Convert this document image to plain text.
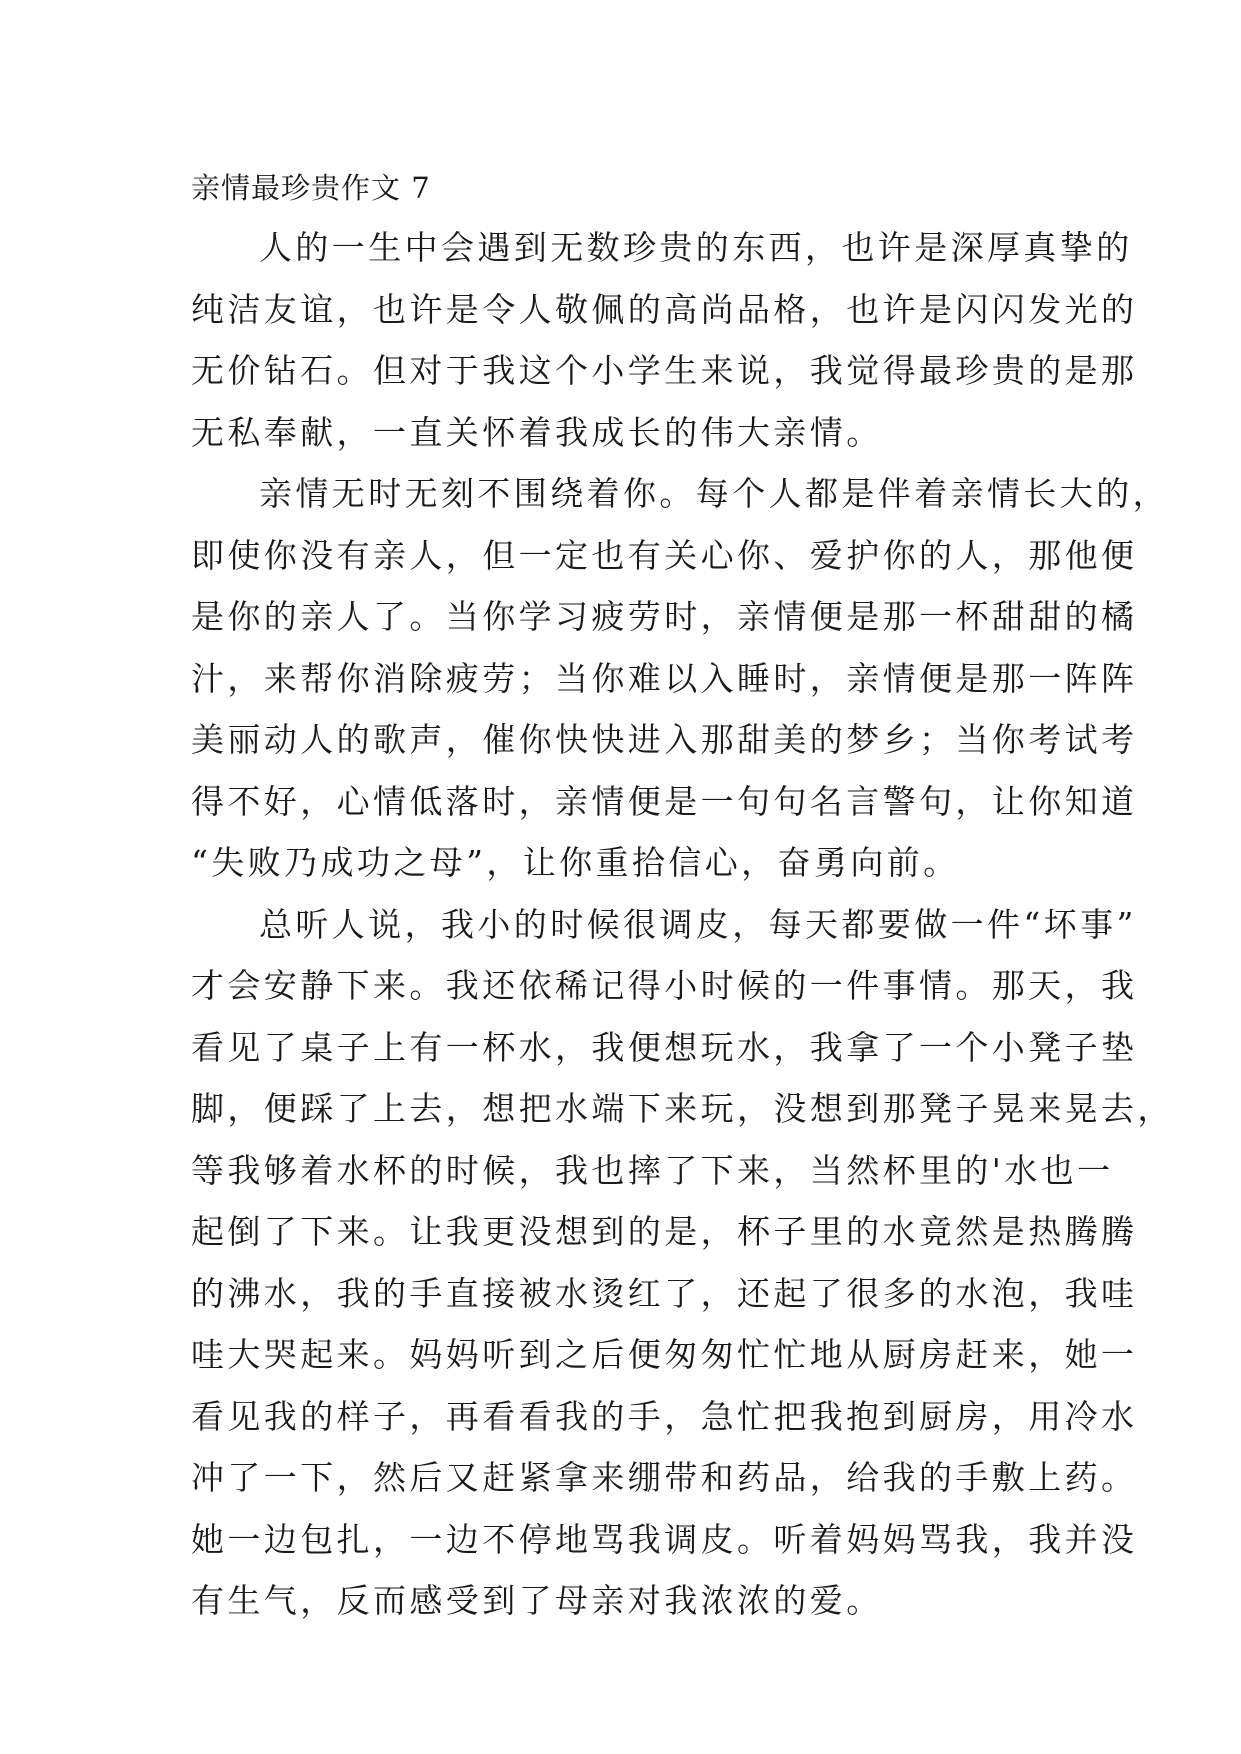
亲情最珍贵作文 7
人的一生中会遇到无数珍贵的东西，也许是深厚真挚的
纯洁友谊，也许是令人敬佩的高尚品格，也许是闪闪发光的
无价钻石。但对于我这个小学生来说，我觉得最珍贵的是那
无私奉献，一直关怀着我成长的伟大亲情。
亲情无时无刻不围绕着你。每个人都是伴着亲情长大的，
即使你没有亲人，但一定也有关心你、爱护你的人，那他便
是你的亲人了。当你学习疲劳时，亲情便是那一杯甜甜的橘
汁，来帮你消除疲劳；当你难以入睡时，亲情便是那一阵阵
美丽动人的歌声，催你快快进入那甜美的梦乡；当你考试考
得不好，心情低落时，亲情便是一句句名言警句，让你知道
“失败乃成功之母”，让你重拾信心，奋勇向前。
总听人说，我小的时候很调皮，每天都要做一件“坏事”
才会安静下来。我还依稀记得小时候的一件事情。那天，我
看见了桌子上有一杯水，我便想玩水，我拿了一个小凳子垫
脚，便踩了上去，想把水端下来玩，没想到那凳子晃来晃去，
等我够着水杯的时候，我也摔了下来，当然杯里的'水也一
起倒了下来。让我更没想到的是，杯子里的水竟然是热腾腾
的沸水，我的手直接被水烫红了，还起了很多的水泡，我哇
哇大哭起来。妈妈听到之后便匆匆忙忙地从厨房赶来，她一
看见我的样子，再看看我的手，急忙把我抱到厨房，用冷水
冲了一下，然后又赶紧拿来绷带和药品，给我的手敷上药。
她一边包扎，一边不停地骂我调皮。听着妈妈骂我，我并没
有生气，反而感受到了母亲对我浓浓的爱。
